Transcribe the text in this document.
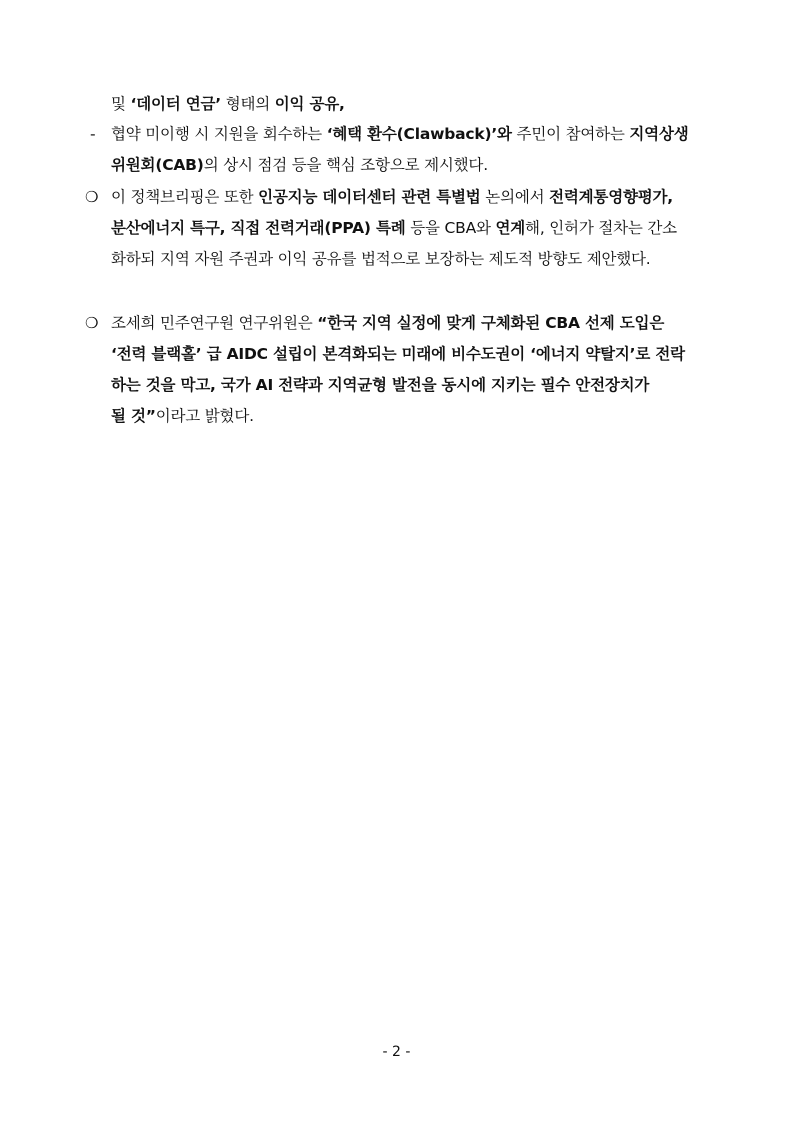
및 ‘데이터 연금’ 형태의 이익 공유,
- 협약 미이행 시 지원을 회수하는 ‘혜택 환수(Clawback)’와 주민이 참여하는 지역상생
위원회(CAB)의 상시 점검 등을 핵심 조항으로 제시했다.
❍ 이 정책브리핑은 또한 인공지능 데이터센터 관련 특별법 논의에서 전력계통영향평가,
분산에너지 특구, 직접 전력거래(PPA) 특례 등을 CBA와 연계해, 인허가 절차는 간소
화하되 지역 자원 주권과 이익 공유를 법적으로 보장하는 제도적 방향도 제안했다.
❍ 조세희 민주연구원 연구위원은 “한국 지역 실정에 맞게 구체화된 CBA 선제 도입은
‘전력 블랙홀’ 급 AIDC 설립이 본격화되는 미래에 비수도권이 ‘에너지 약탈지’로 전락
하는 것을 막고, 국가 AI 전략과 지역균형 발전을 동시에 지키는 필수 안전장치가
될 것”이라고 밝혔다.
- 2 -
